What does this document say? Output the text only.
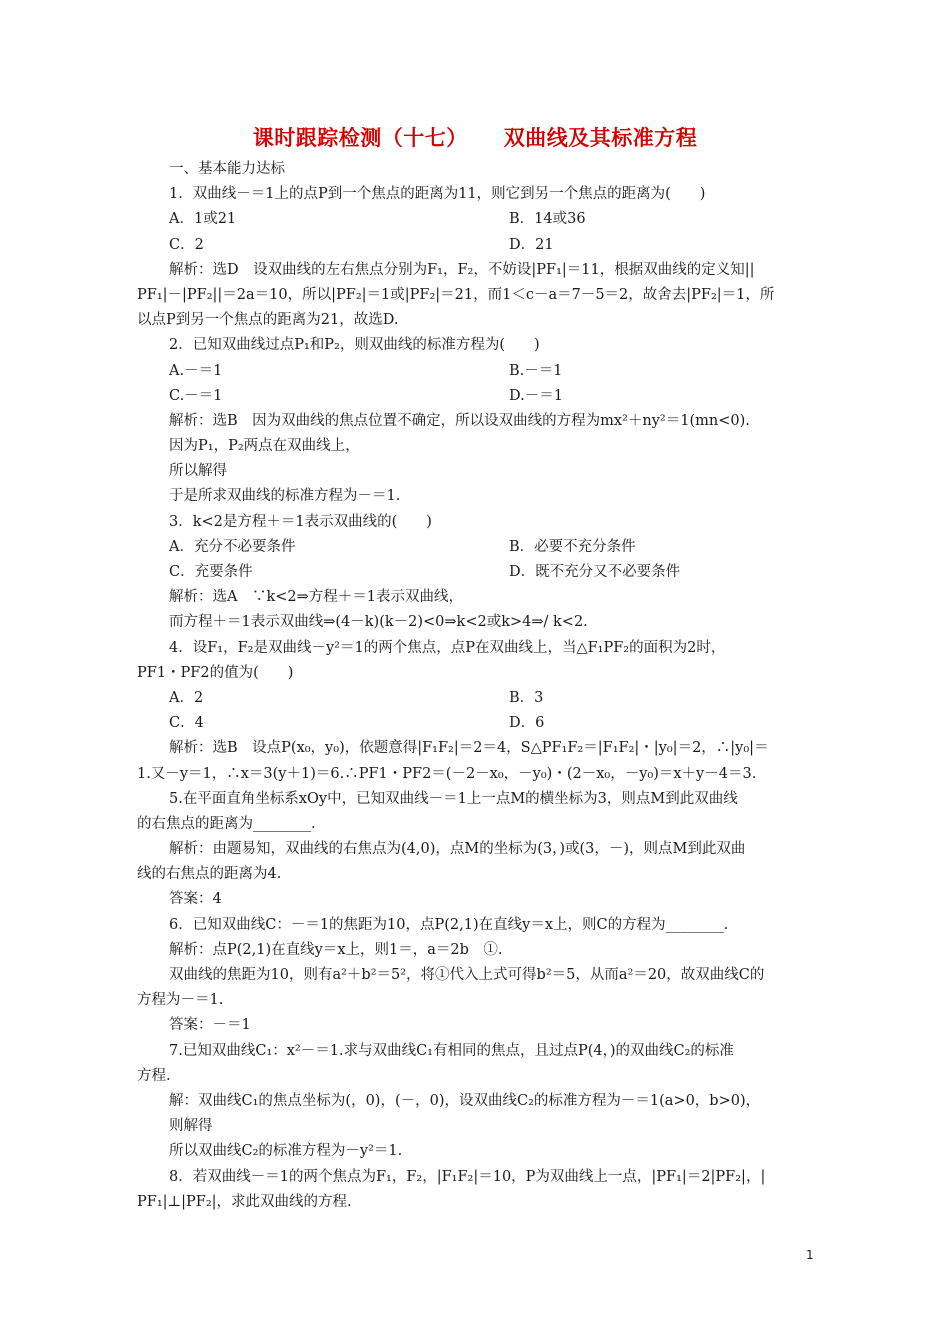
课时跟踪检测（十七） 双曲线及其标准方程
一、基本能力达标
1．双曲线－＝1上的点P到一个焦点的距离为11，则它到另一个焦点的距离为(　　)
A．1或21	B．14或36
C．2	D．21
解析：选D　设双曲线的左右焦点分别为F₁，F₂，不妨设|PF₁|＝11，根据双曲线的定义知||
PF₁|－|PF₂||＝2a＝10，所以|PF₂|＝1或|PF₂|＝21，而1＜c－a＝7－5＝2，故舍去|PF₂|＝1，所
以点P到另一个焦点的距离为21，故选D.
2．已知双曲线过点P₁和P₂，则双曲线的标准方程为(　　)
A.－＝1	B.－＝1
C.－＝1	D.－＝1
解析：选B　因为双曲线的焦点位置不确定，所以设双曲线的方程为mx²＋ny²＝1(mn<0).
因为P₁，P₂两点在双曲线上，
所以解得
于是所求双曲线的标准方程为－＝1.
3．k<2是方程＋＝1表示双曲线的(　　)
A．充分不必要条件	B．必要不充分条件
C．充要条件	D．既不充分又不必要条件
解析：选A　∵k<2⇒方程＋＝1表示双曲线，
而方程＋＝1表示双曲线⇒(4－k)(k－2)<0⇒k<2或k>4⇒/ k<2.
4．设F₁，F₂是双曲线－y²＝1的两个焦点，点P在双曲线上，当△F₁PF₂的面积为2时，
PF1・PF2的值为(　　)
A．2	B．3
C．4	D．6
解析：选B　设点P(x₀，y₀)，依题意得|F₁F₂|＝2＝4，S△PF₁F₂＝|F₁F₂|・|y₀|＝2，∴|y₀|＝
1.又－y＝1，∴x＝3(y＋1)＝6.∴PF1・PF2＝(－2－x₀，－y₀)・(2－x₀，－y₀)＝x＋y－4＝3.
5.在平面直角坐标系xOy中，已知双曲线－＝1上一点M的横坐标为3，则点M到此双曲线
的右焦点的距离为________.
解析：由题易知，双曲线的右焦点为(4,0)，点M的坐标为(3，)或(3，－)，则点M到此双曲
线的右焦点的距离为4.
答案：4
6．已知双曲线C：－＝1的焦距为10，点P(2,1)在直线y＝x上，则C的方程为________.
解析：点P(2,1)在直线y＝x上，则1＝，a＝2b　①.
双曲线的焦距为10，则有a²＋b²＝5²，将①代入上式可得b²＝5，从而a²＝20，故双曲线C的
方程为－＝1.
答案：－＝1
7.已知双曲线C₁：x²－＝1.求与双曲线C₁有相同的焦点，且过点P(4，)的双曲线C₂的标准
方程.
解：双曲线C₁的焦点坐标为(，0)，(－，0)，设双曲线C₂的标准方程为－＝1(a>0，b>0)，
则解得
所以双曲线C₂的标准方程为－y²＝1.
8．若双曲线－＝1的两个焦点为F₁，F₂，|F₁F₂|＝10，P为双曲线上一点，|PF₁|＝2|PF₂|，|
PF₁|⊥|PF₂|，求此双曲线的方程.
1
